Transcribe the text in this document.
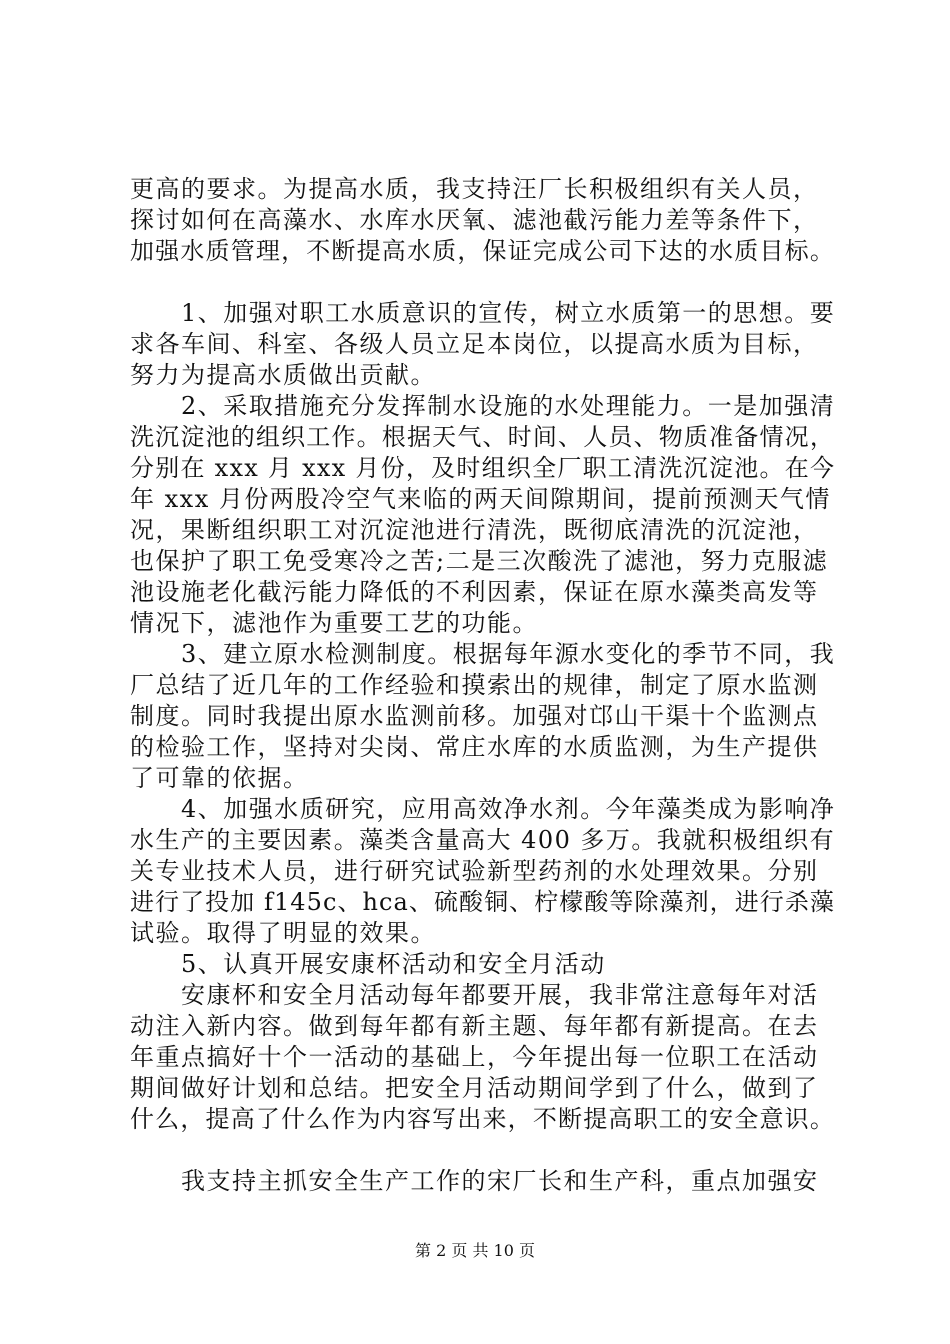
更高的要求。为提高水质，我支持汪厂长积极组织有关人员，
探讨如何在高藻水、水库水厌氧、滤池截污能力差等条件下，
加强水质管理，不断提高水质，保证完成公司下达的水质目标。
　　1、加强对职工水质意识的宣传，树立水质第一的思想。要
求各车间、科室、各级人员立足本岗位，以提高水质为目标，
努力为提高水质做出贡献。
　　2、采取措施充分发挥制水设施的水处理能力。一是加强清
洗沉淀池的组织工作。根据天气、时间、人员、物质准备情况，
分别在 xxx 月 xxx 月份，及时组织全厂职工清洗沉淀池。在今
年 xxx 月份两股冷空气来临的两天间隙期间，提前预测天气情
况，果断组织职工对沉淀池进行清洗，既彻底清洗的沉淀池，
也保护了职工免受寒冷之苦;二是三次酸洗了滤池，努力克服滤
池设施老化截污能力降低的不利因素，保证在原水藻类高发等
情况下，滤池作为重要工艺的功能。
　　3、建立原水检测制度。根据每年源水变化的季节不同，我
厂总结了近几年的工作经验和摸索出的规律，制定了原水监测
制度。同时我提出原水监测前移。加强对邙山干渠十个监测点
的检验工作，坚持对尖岗、常庄水库的水质监测，为生产提供
了可靠的依据。
　　4、加强水质研究，应用高效净水剂。今年藻类成为影响净
水生产的主要因素。藻类含量高大 400 多万。我就积极组织有
关专业技术人员，进行研究试验新型药剂的水处理效果。分别
进行了投加 f145c、hca、硫酸铜、柠檬酸等除藻剂，进行杀藻
试验。取得了明显的效果。
　　5、认真开展安康杯活动和安全月活动
　　安康杯和安全月活动每年都要开展，我非常注意每年对活
动注入新内容。做到每年都有新主题、每年都有新提高。在去
年重点搞好十个一活动的基础上，今年提出每一位职工在活动
期间做好计划和总结。把安全月活动期间学到了什么，做到了
什么，提高了什么作为内容写出来，不断提高职工的安全意识。
　　我支持主抓安全生产工作的宋厂长和生产科，重点加强安
第 2 页 共 10 页
